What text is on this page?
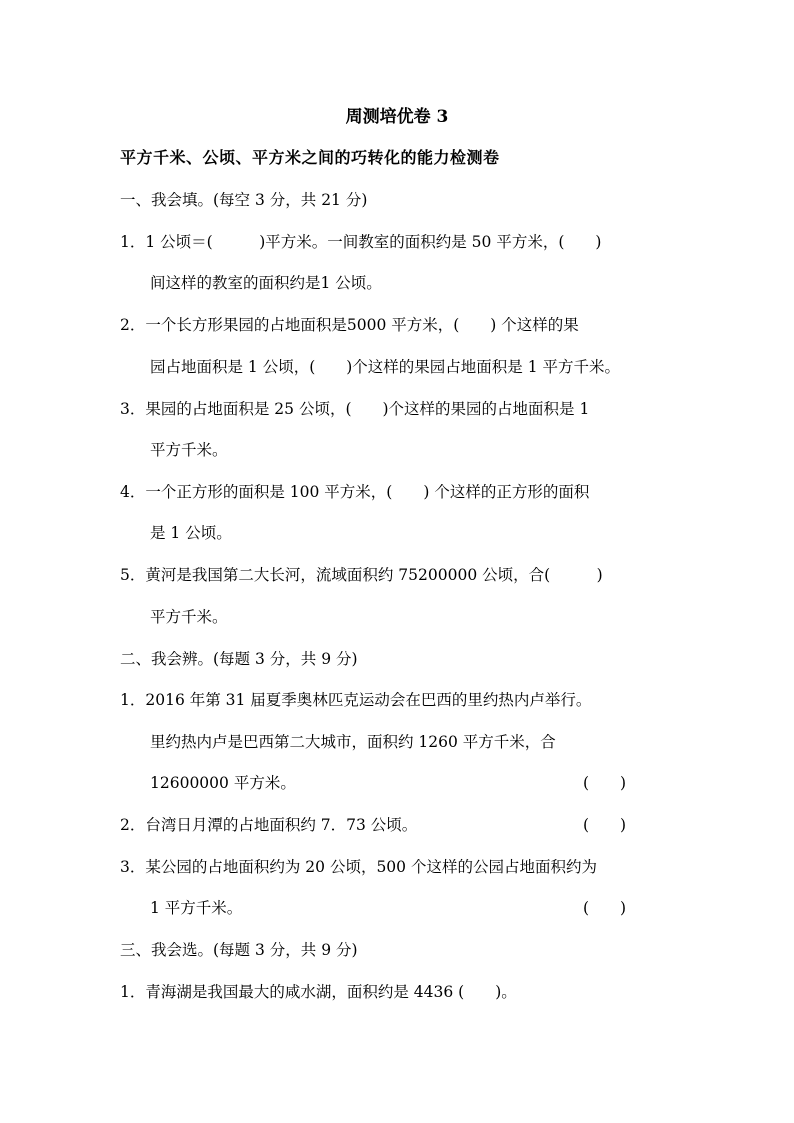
周测培优卷 3
平方千米、公顷、平方米之间的巧转化的能力检测卷
一、我会填。(每空 3 分，共 21 分)
1．1 公顷＝(　　　)平方米。一间教室的面积约是 50 平方米，(　　)
间这样的教室的面积约是1 公顷。
2．一个长方形果园的占地面积是5000 平方米，(　　) 个这样的果
园占地面积是 1 公顷，(　　)个这样的果园占地面积是 1 平方千米。
3．果园的占地面积是 25 公顷，(　　)个这样的果园的占地面积是 1
平方千米。
4．一个正方形的面积是 100 平方米，(　　) 个这样的正方形的面积
是 1 公顷。
5．黄河是我国第二大长河，流域面积约 75200000 公顷，合(　　　)
平方千米。
二、我会辨。(每题 3 分，共 9 分)
1．2016 年第 31 届夏季奥林匹克运动会在巴西的里约热内卢举行。
里约热内卢是巴西第二大城市，面积约 1260 平方千米，合
12600000 平方米。	(　　)
2．台湾日月潭的占地面积约 7．73 公顷。	(　　)
3．某公园的占地面积约为 20 公顷，500 个这样的公园占地面积约为
1 平方千米。	(　　)
三、我会选。(每题 3 分，共 9 分)
1．青海湖是我国最大的咸水湖，面积约是 4436 (　　)。
